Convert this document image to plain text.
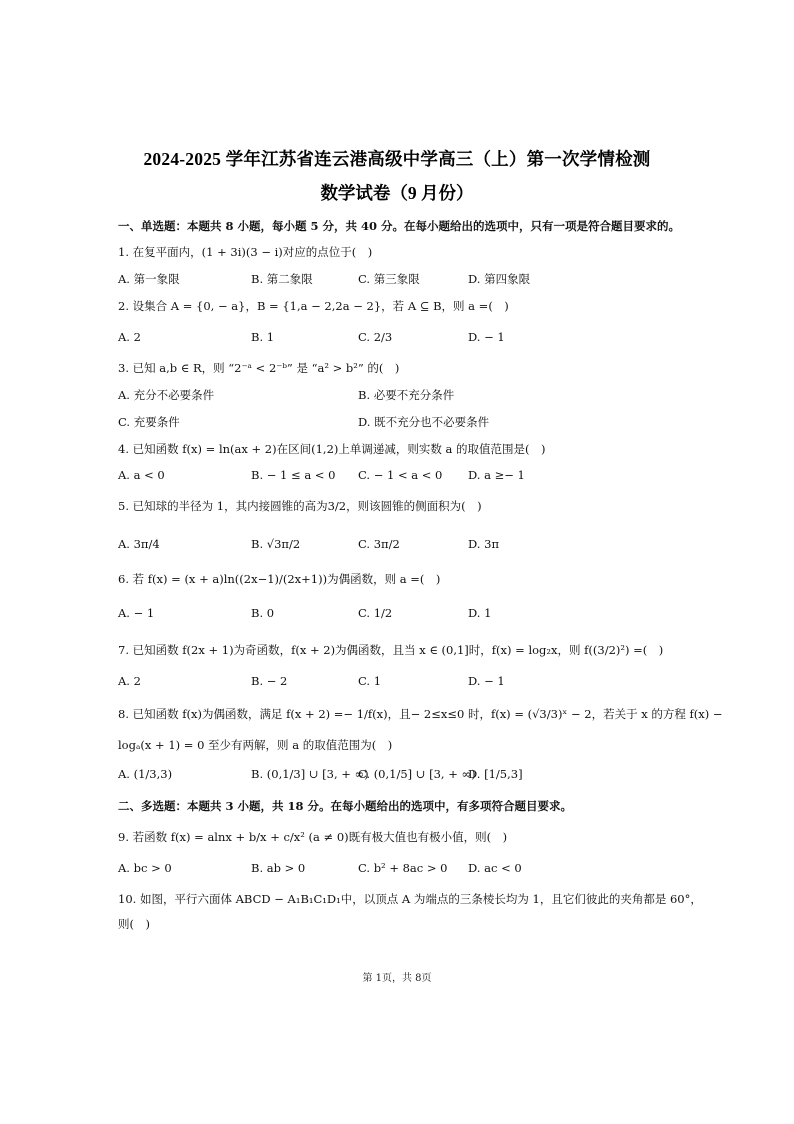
2024-2025 学年江苏省连云港高级中学高三（上）第一次学情检测
数学试卷（9 月份）
一、单选题：本题共 8 小题，每小题 5 分，共 40 分。在每小题给出的选项中，只有一项是符合题目要求的。
1. 在复平面内，(1 + 3i)(3 − i)对应的点位于(　)
A. 第一象限	B. 第二象限	C. 第三象限	D. 第四象限
2. 设集合 A = {0, − a}，B = {1,a − 2,2a − 2}，若 A ⊆ B，则 a =(　)
A. 2	B. 1	C. 2/3	D. − 1
3. 已知 a,b ∈ R，则 “2⁻ᵃ < 2⁻ᵇ” 是 “a² > b²” 的(　)
A. 充分不必要条件	B. 必要不充分条件
C. 充要条件	D. 既不充分也不必要条件
4. 已知函数 f(x) = ln(ax + 2)在区间(1,2)上单调递减，则实数 a 的取值范围是(　)
A. a < 0	B. − 1 ≤ a < 0 C. − 1 < a < 0 D. a ≥− 1
5. 已知球的半径为 1，其内接圆锥的高为3/2，则该圆锥的侧面积为(　)
A. 3π/4	B. √3π/2	C. 3π/2	D. 3π
6. 若 f(x) = (x + a)ln((2x−1)/(2x+1))为偶函数，则 a =(　)
A. − 1	B. 0	C. 1/2	D. 1
7. 已知函数 f(2x + 1)为奇函数，f(x + 2)为偶函数，且当 x ∈ (0,1]时，f(x) = log₂x，则 f((3/2)²) =(　)
A. 2	B. − 2	C. 1	D. − 1
8. 已知函数 f(x)为偶函数，满足 f(x + 2) =− 1/f(x)，且− 2≤x≤0 时，f(x) = (√3/3)ˣ − 2，若关于 x 的方程 f(x) −
logₐ(x + 1) = 0 至少有两解，则 a 的取值范围为(　)
A. (1/3,3)	B. (0,1/3] ∪ [3, + ∞)
C. (0,1/5] ∪ [3, + ∞)
D. [1/5,3]
二、多选题：本题共 3 小题，共 18 分。在每小题给出的选项中，有多项符合题目要求。
9. 若函数 f(x) = alnx + b/x + c/x² (a ≠ 0)既有极大值也有极小值，则(　)
A. bc > 0	B. ab > 0	C. b² + 8ac > 0 D. ac < 0
10. 如图，平行六面体 ABCD − A₁B₁C₁D₁中，以顶点 A 为端点的三条棱长均为 1，且它们彼此的夹角都是 60°，
则(　)
第 1页，共 8页
